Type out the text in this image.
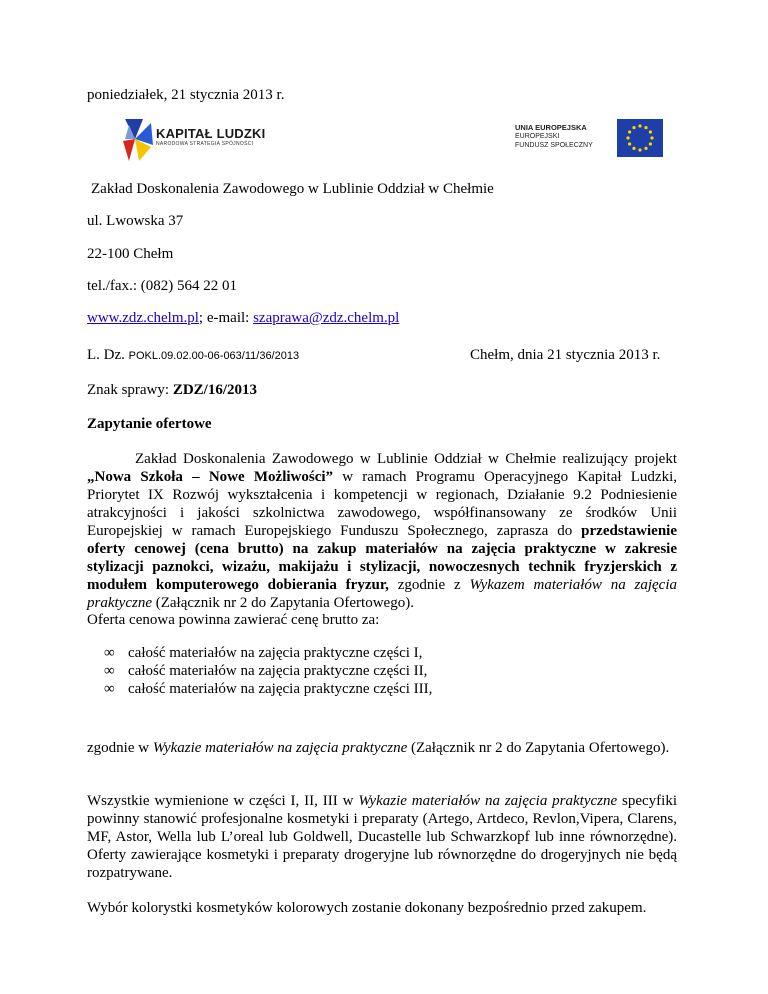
poniedziałek, 21 stycznia 2013 r.
KAPITAŁ LUDZKI
NARODOWA STRATEGIA SPÓJNOŚCI
UNIA EUROPEJSKA
EUROPEJSKI
FUNDUSZ SPOŁECZNY
Zakład Doskonalenia Zawodowego w Lublinie Oddział w Chełmie
ul. Lwowska 37
22-100 Chełm
tel./fax.: (082) 564 22 01
www.zdz.chelm.pl; e-mail: szaprawa@zdz.chelm.pl
L. Dz. POKL.09.02.00-06-063/11/36/2013	Chełm, dnia 21 stycznia 2013 r.
Znak sprawy: ZDZ/16/2013
Zapytanie ofertowe
Zakład Doskonalenia Zawodowego w Lublinie Oddział w Chełmie realizujący projekt „Nowa Szkoła – Nowe Możliwości” w ramach Programu Operacyjnego Kapitał Ludzki, Priorytet IX Rozwój wykształcenia i kompetencji w regionach, Działanie 9.2 Podniesienie atrakcyjności i jakości szkolnictwa zawodowego, współfinansowany ze środków Unii Europejskiej w ramach Europejskiego Funduszu Społecznego, zaprasza do przedstawienie oferty cenowej (cena brutto) na zakup materiałów na zajęcia praktyczne w zakresie stylizacji paznokci, wizażu, makijażu i stylizacji, nowoczesnych technik fryzjerskich z modułem komputerowego dobierania fryzur, zgodnie z Wykazem materiałów na zajęcia praktyczne (Załącznik nr 2 do Zapytania Ofertowego).
Oferta cenowa powinna zawierać cenę brutto za:
∞ całość materiałów na zajęcia praktyczne części I,
∞ całość materiałów na zajęcia praktyczne części II,
∞ całość materiałów na zajęcia praktyczne części III,
zgodnie w Wykazie materiałów na zajęcia praktyczne (Załącznik nr 2 do Zapytania Ofertowego).
Wszystkie wymienione w części I, II, III w Wykazie materiałów na zajęcia praktyczne specyfiki powinny stanowić profesjonalne kosmetyki i preparaty (Artego, Artdeco, Revlon,Vipera, Clarens, MF, Astor, Wella lub L’oreal lub Goldwell, Ducastelle lub Schwarzkopf lub inne równorzędne). Oferty zawierające kosmetyki i preparaty drogeryjne lub równorzędne do drogeryjnych nie będą rozpatrywane.
Wybór kolorystki kosmetyków kolorowych zostanie dokonany bezpośrednio przed zakupem.
